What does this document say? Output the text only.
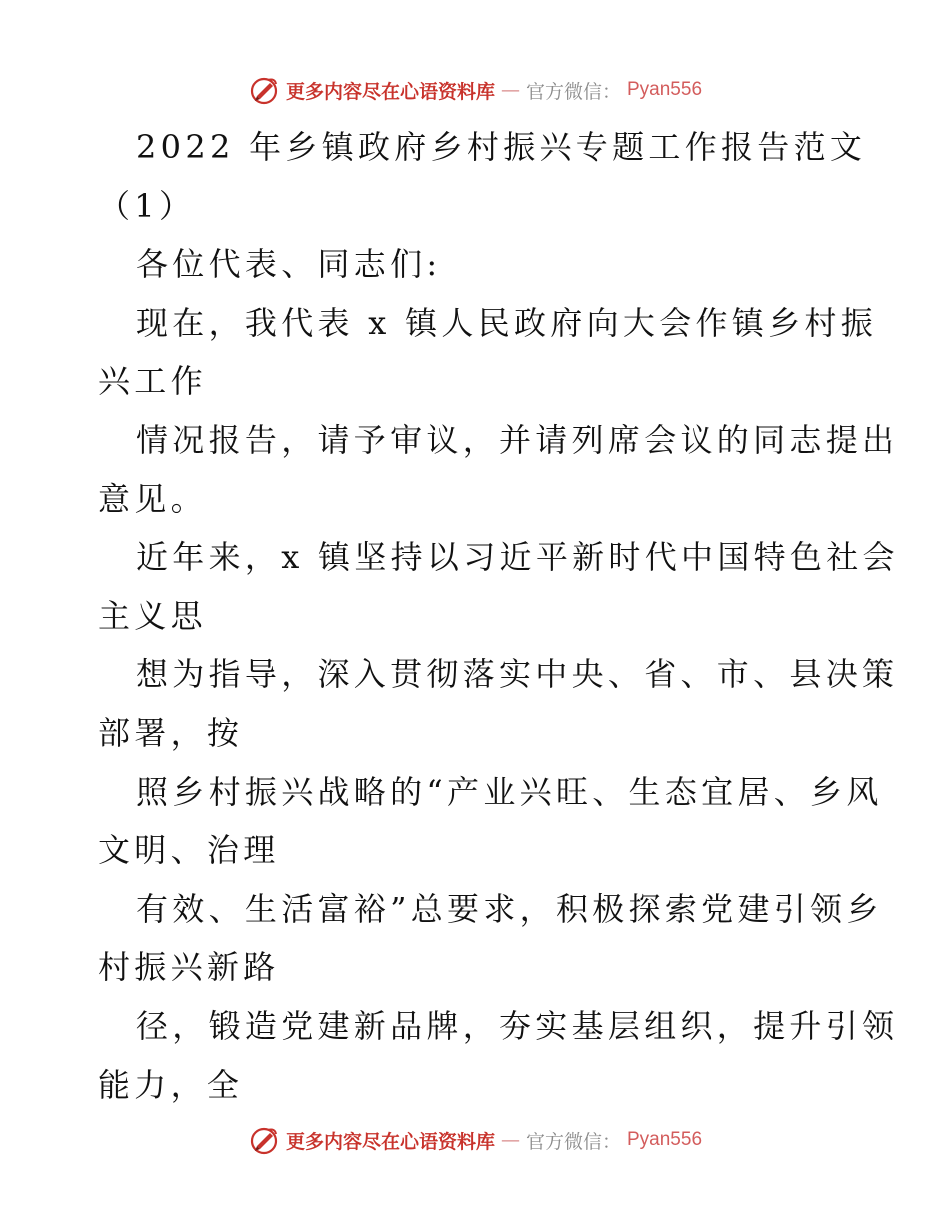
更多内容尽在心语资料库 — 官方微信： Pyan556
2022 年乡镇政府乡村振兴专题工作报告范文
（1）
各位代表、同志们:
现在，我代表 x 镇人民政府向大会作镇乡村振
兴工作
情况报告，请予审议，并请列席会议的同志提出
意见。
近年来，x 镇坚持以习近平新时代中国特色社会
主义思
想为指导，深入贯彻落实中央、省、市、县决策
部署，按
照乡村振兴战略的“产业兴旺、生态宜居、乡风
文明、治理
有效、生活富裕”总要求，积极探索党建引领乡
村振兴新路
径，锻造党建新品牌，夯实基层组织，提升引领
能力，全
更多内容尽在心语资料库 — 官方微信： Pyan556
